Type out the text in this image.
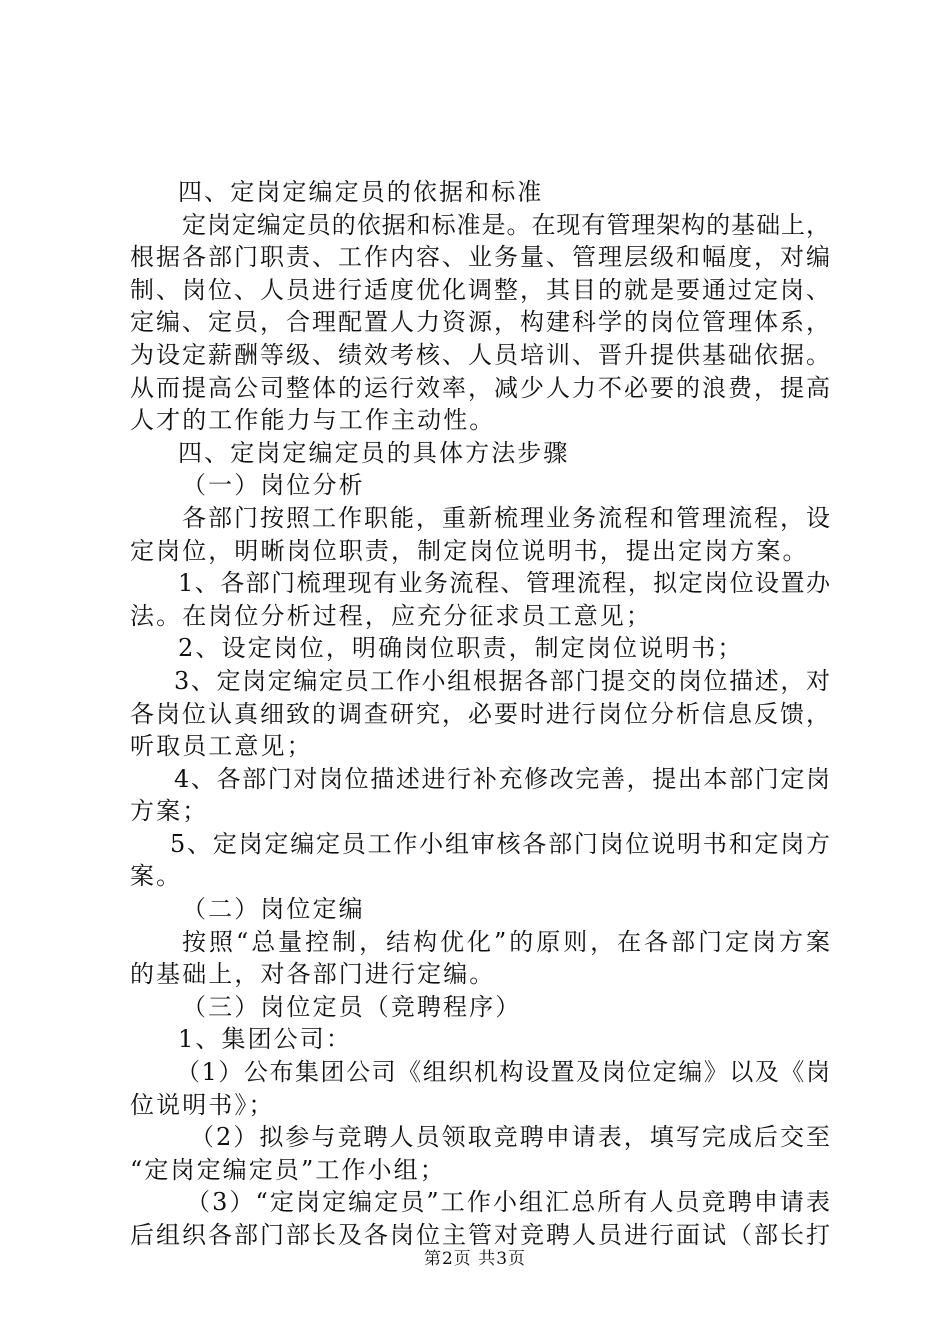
四、定岗定编定员的依据和标准
定岗定编定员的依据和标准是。在现有管理架构的基础上，
根据各部门职责、工作内容、业务量、管理层级和幅度，对编
制、岗位、人员进行适度优化调整，其目的就是要通过定岗、
定编、定员，合理配置人力资源，构建科学的岗位管理体系，
为设定薪酬等级、绩效考核、人员培训、晋升提供基础依据。
从而提高公司整体的运行效率，减少人力不必要的浪费，提高
人才的工作能力与工作主动性。
四、定岗定编定员的具体方法步骤
（一）岗位分析
各部门按照工作职能，重新梳理业务流程和管理流程，设
定岗位，明晰岗位职责，制定岗位说明书，提出定岗方案。
1、各部门梳理现有业务流程、管理流程，拟定岗位设置办
法。在岗位分析过程，应充分征求员工意见；
2、设定岗位，明确岗位职责，制定岗位说明书；
3、定岗定编定员工作小组根据各部门提交的岗位描述，对
各岗位认真细致的调查研究，必要时进行岗位分析信息反馈，
听取员工意见；
4、各部门对岗位描述进行补充修改完善，提出本部门定岗
方案；
5、定岗定编定员工作小组审核各部门岗位说明书和定岗方
案。
（二）岗位定编
按照“总量控制，结构优化”的原则，在各部门定岗方案
的基础上，对各部门进行定编。
（三）岗位定员（竞聘程序）
1、集团公司：
（1）公布集团公司《组织机构设置及岗位定编》以及《岗
位说明书》；
（2）拟参与竞聘人员领取竞聘申请表，填写完成后交至
“定岗定编定员”工作小组；
（3）“定岗定编定员”工作小组汇总所有人员竞聘申请表
后组织各部门部长及各岗位主管对竞聘人员进行面试（部长打
第2页 共3页
